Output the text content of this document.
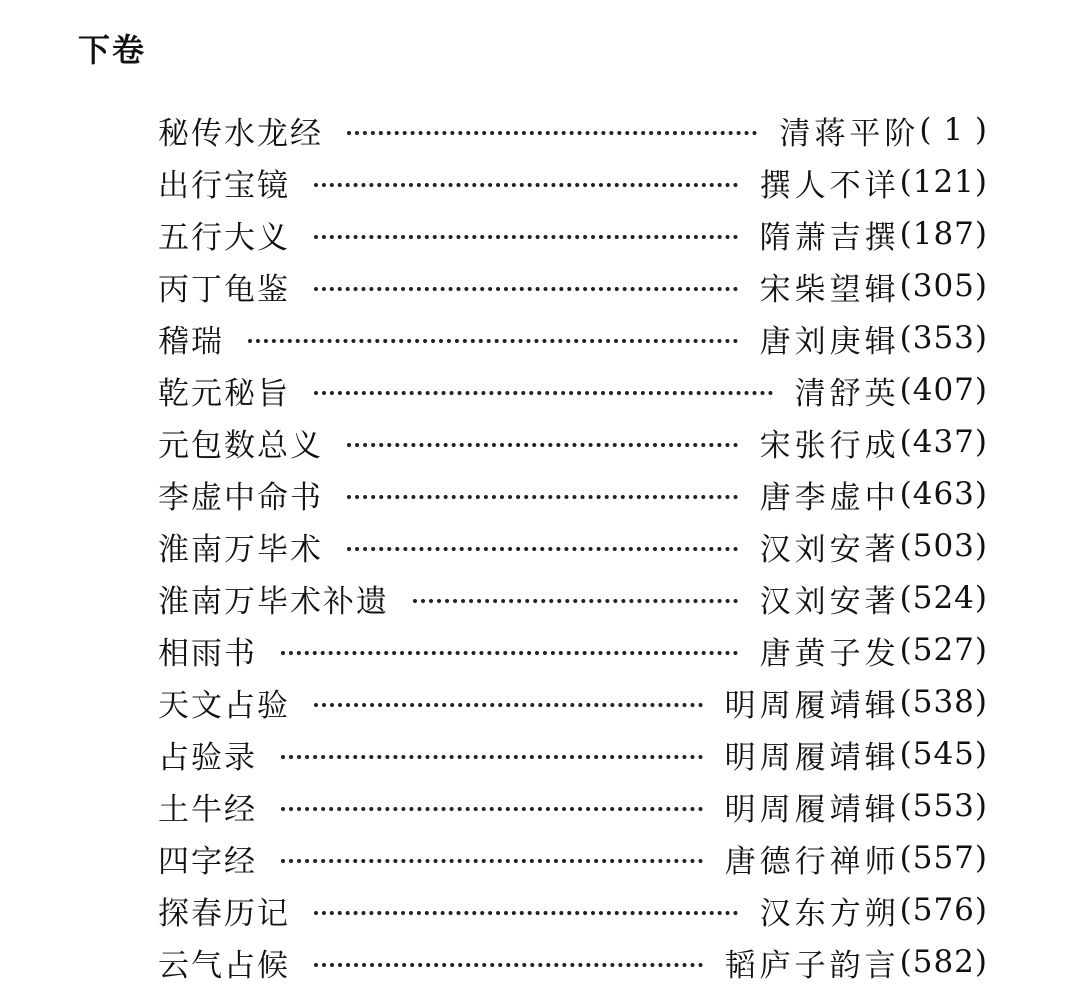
下卷
秘传水龙经	清蒋平阶 ( 1 )
出行宝镜	撰人不详 (121)
五行大义	隋萧吉撰 (187)
丙丁龟鉴	宋柴望辑 (305)
稽瑞	唐刘庚辑 (353)
乾元秘旨	清舒英 (407)
元包数总义	宋张行成 (437)
李虚中命书	唐李虚中 (463)
淮南万毕术	汉刘安著 (503)
淮南万毕术补遗	汉刘安著 (524)
相雨书	唐黄子发 (527)
天文占验	明周履靖辑 (538)
占验录	明周履靖辑 (545)
土牛经	明周履靖辑 (553)
四字经	唐德行禅师 (557)
探春历记	汉东方朔 (576)
云气占候	韬庐子韵言 (582)
